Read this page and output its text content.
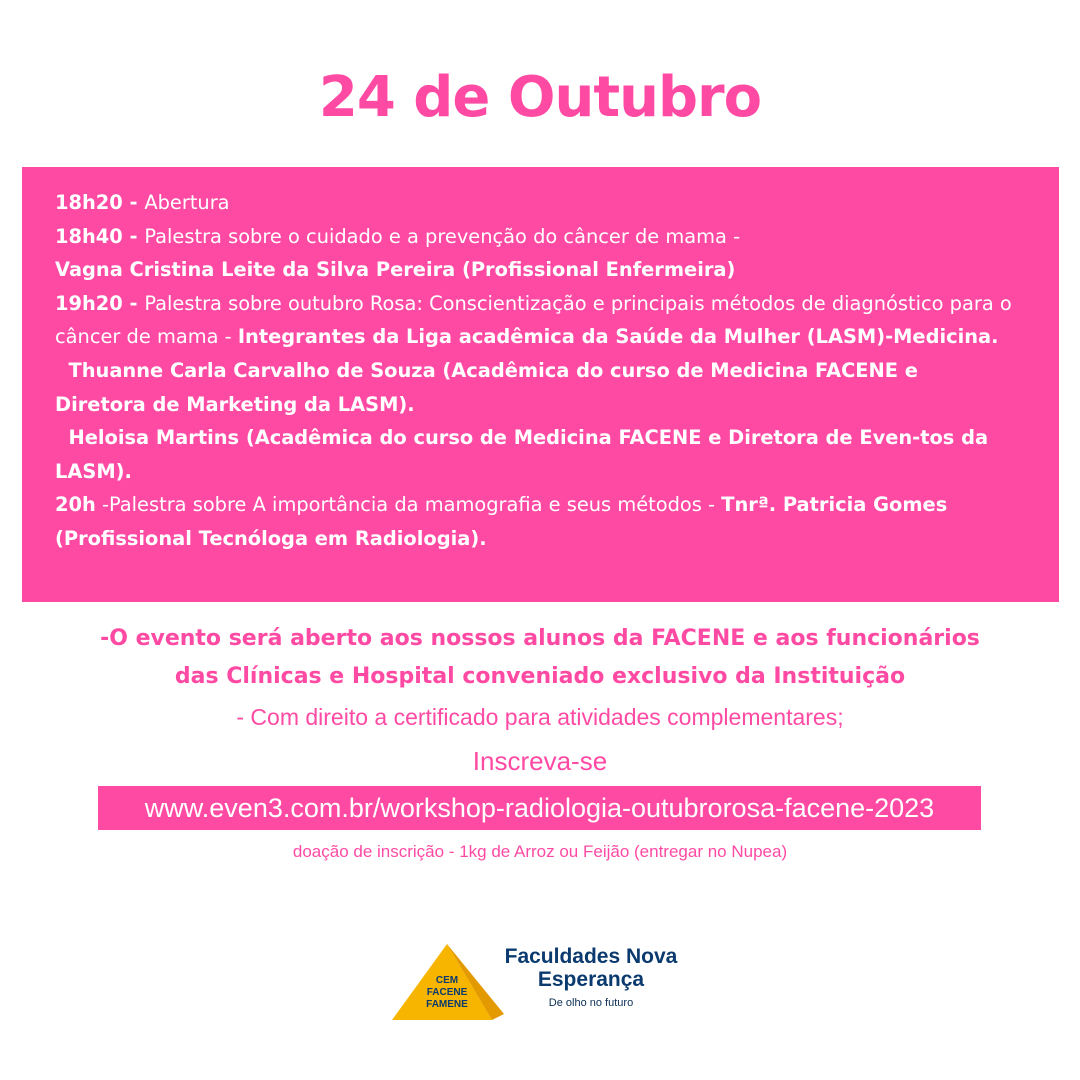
24 de Outubro

18h20 - Abertura

18h40 - Palestra sobre o cuidado e a prevenção do câncer de mama -
Vagna Cristina Leite da Silva Pereira (Profissional Enfermeira)

19h20 - Palestra sobre outubro Rosa: Conscientização e principais métodos de diagnóstico para o câncer de mama - Integrantes da Liga acadêmica da Saúde da Mulher (LASM)-Medicina.

Thuanne Carla Carvalho de Souza (Acadêmica do curso de Medicina FACENE e Diretora de Marketing da LASM).

Heloisa Martins (Acadêmica do curso de Medicina FACENE e Diretora de Even-tos da LASM).

20h -Palestra sobre A importância da mamografia e seus métodos - Tnrª. Patricia Gomes (Profissional Tecnóloga em Radiologia).

-O evento será aberto aos nossos alunos da FACENE e aos funcionários
das Clínicas e Hospital conveniado exclusivo da Instituição
- Com direito a certificado para atividades complementares;
Inscreva-se
www.even3.com.br/workshop-radiologia-outubrorosa-facene-2023
doação de inscrição - 1kg de Arroz ou Feijão (entregar no Nupea)
CEM
FACENE
FAMENE
Faculdades Nova
Esperança
De olho no futuro
